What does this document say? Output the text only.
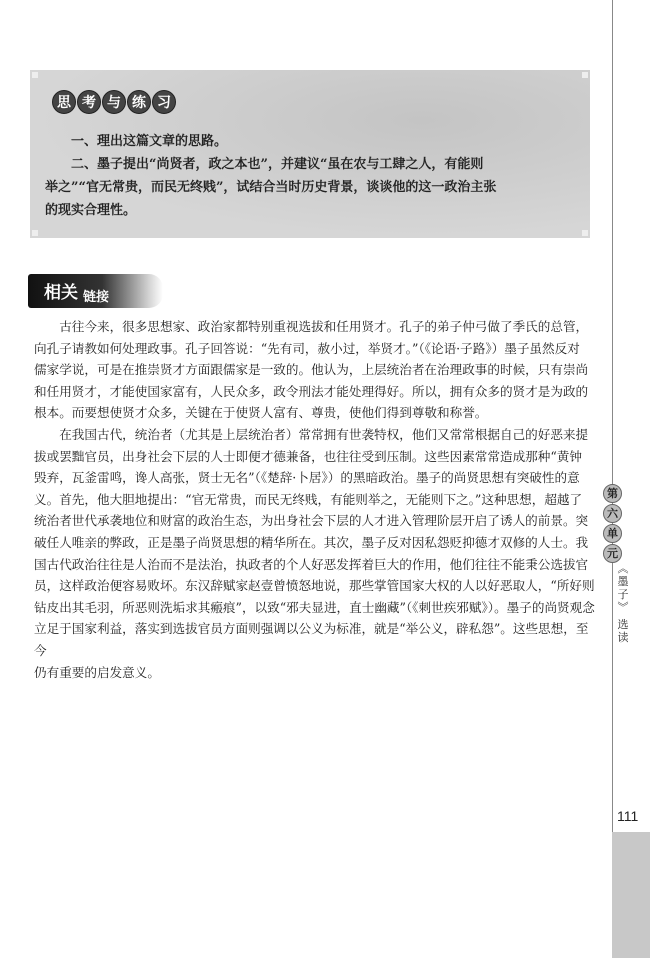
思 考 与 练 习
　　一、理出这篇文章的思路。
　　二、墨子提出“尚贤者，政之本也”，并建议“虽在农与工肆之人，有能则
举之”“官无常贵，而民无终贱”，试结合当时历史背景，谈谈他的这一政治主张
的现实合理性。
相关 链接
　　古往今来，很多思想家、政治家都特别重视选拔和任用贤才。孔子的弟子仲弓做了季氏的总管，
向孔子请教如何处理政事。孔子回答说：“先有司，赦小过，举贤才。”（《论语·子路》）墨子虽然反对
儒家学说，可是在推崇贤才方面跟儒家是一致的。他认为，上层统治者在治理政事的时候，只有崇尚
和任用贤才，才能使国家富有，人民众多，政令刑法才能处理得好。所以，拥有众多的贤才是为政的
根本。而要想使贤才众多，关键在于使贤人富有、尊贵，使他们得到尊敬和称誉。
　　在我国古代，统治者（尤其是上层统治者）常常拥有世袭特权，他们又常常根据自己的好恶来提
拔或罢黜官员，出身社会下层的人士即便才德兼备，也往往受到压制。这些因素常常造成那种“黄钟
毁弃，瓦釜雷鸣，谗人高张，贤士无名”（《楚辞·卜居》）的黑暗政治。墨子的尚贤思想有突破性的意
义。首先，他大胆地提出：“官无常贵，而民无终贱，有能则举之，无能则下之。”这种思想，超越了
统治者世代承袭地位和财富的政治生态，为出身社会下层的人才进入管理阶层开启了诱人的前景。突
破任人唯亲的弊政，正是墨子尚贤思想的精华所在。其次，墨子反对因私怨贬抑德才双修的人士。我
国古代政治往往是人治而不是法治，执政者的个人好恶发挥着巨大的作用，他们往往不能秉公选拔官
员，这样政治便容易败坏。东汉辞赋家赵壹曾愤怒地说，那些掌管国家大权的人以好恶取人，“所好则
钻皮出其毛羽，所恶则洗垢求其瘢痕”，以致“邪夫显进，直士幽藏”（《刺世疾邪赋》）。墨子的尚贤观念
立足于国家利益，落实到选拔官员方面则强调以公义为标准，就是“举公义，辟私怨”。这些思想，至今
仍有重要的启发意义。
第
六
单
元
︽
墨
子
︾
选
读
111
